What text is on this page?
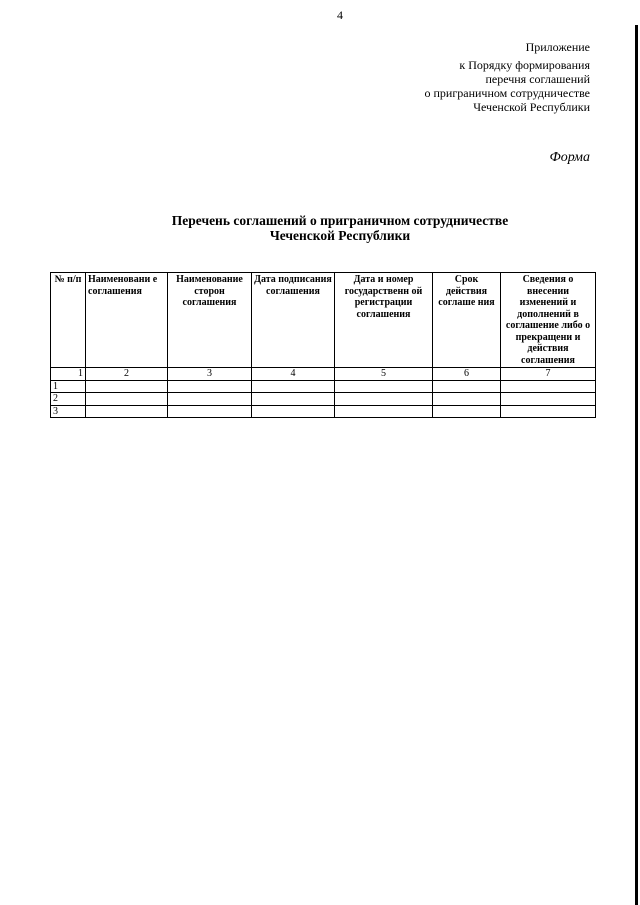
4
Приложение
к Порядку формирования
перечня соглашений
о приграничном сотрудничестве
Чеченской Республики
Форма
Перечень соглашений о приграничном сотрудничестве
Чеченской Республики
№ п/п	Наименовани е соглашения	Наименование сторон соглашения	Дата подписания соглашения	Дата и номер государственн ой регистрации соглашения	Срок действия соглаше ния	Сведения о внесении изменений и дополнений в соглашение либо о прекращени и действия соглашения
1	2	3	4	5	6	7
1						
2						
3						
